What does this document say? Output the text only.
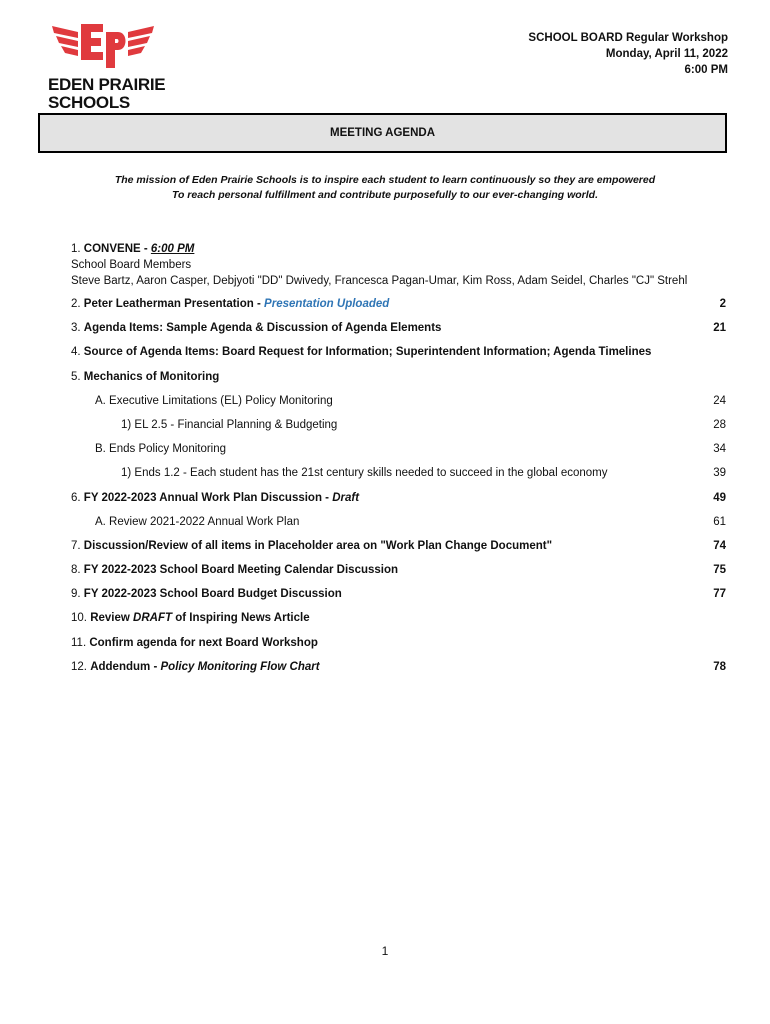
EDEN PRAIRIE SCHOOLS
SCHOOL BOARD Regular Workshop
Monday, April 11, 2022
6:00 PM
MEETING AGENDA
The mission of Eden Prairie Schools is to inspire each student to learn continuously so they are empowered
To reach personal fulfillment and contribute purposefully to our ever-changing world.
1. CONVENE - 6:00 PM
School Board Members
Steve Bartz, Aaron Casper, Debjyoti "DD" Dwivedy, Francesca Pagan-Umar, Kim Ross, Adam Seidel, Charles "CJ" Strehl
2. Peter Leatherman Presentation - Presentation Uploaded	2
3. Agenda Items: Sample Agenda & Discussion of Agenda Elements	21
4. Source of Agenda Items: Board Request for Information; Superintendent Information; Agenda Timelines
5. Mechanics of Monitoring
A. Executive Limitations (EL) Policy Monitoring	24
1) EL 2.5 - Financial Planning & Budgeting	28
B. Ends Policy Monitoring	34
1) Ends 1.2 - Each student has the 21st century skills needed to succeed in the global economy	39
6. FY 2022-2023 Annual Work Plan Discussion - Draft	49
A. Review 2021-2022 Annual Work Plan	61
7. Discussion/Review of all items in Placeholder area on "Work Plan Change Document"	74
8. FY 2022-2023 School Board Meeting Calendar Discussion	75
9. FY 2022-2023 School Board Budget Discussion	77
10. Review DRAFT of Inspiring News Article
11. Confirm agenda for next Board Workshop
12. Addendum - Policy Monitoring Flow Chart	78
1
